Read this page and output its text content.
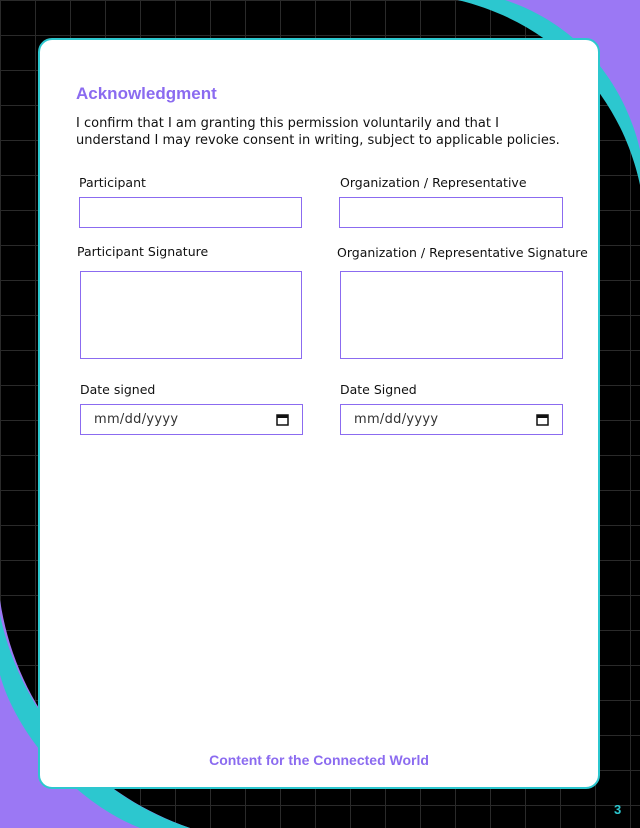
Acknowledgment

I confirm that I am granting this permission voluntarily and that I understand I may revoke consent in writing, subject to applicable policies.

Participant	Organization / Representative
Participant Signature	Organization / Representative Signature
Date signed	Date Signed
mm/dd/yyyy	mm/dd/yyyy
Content for the Connected World
3
